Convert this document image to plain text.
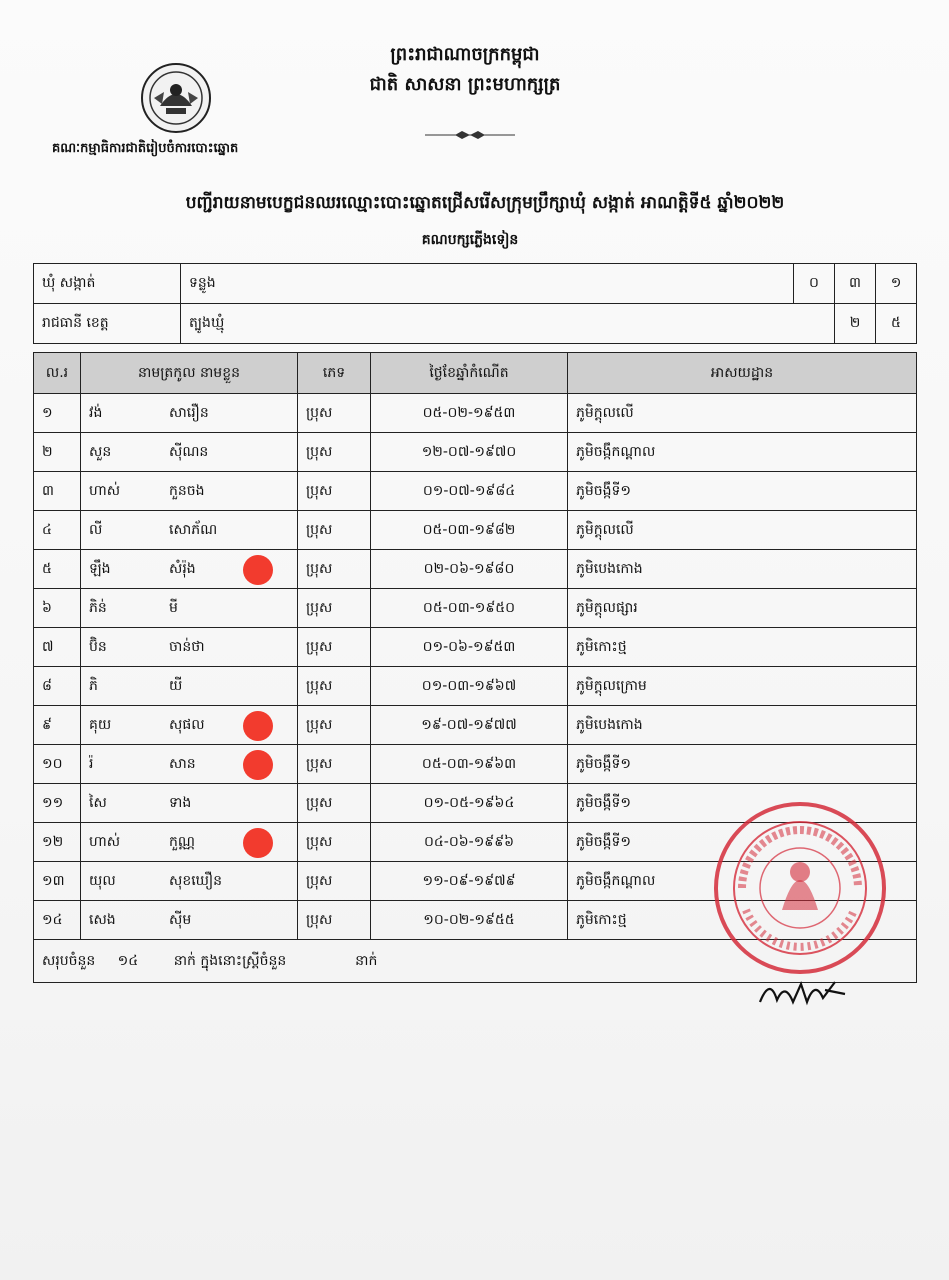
ព្រះរាជាណាចក្រកម្ពុជា
ជាតិ សាសនា ព្រះមហាក្សត្រ
គណៈកម្មាធិការជាតិរៀបចំការបោះឆ្នោត
បញ្ជីរាយនាមបេក្ខជនឈរឈ្មោះបោះឆ្នោតជ្រើសរើសក្រុមប្រឹក្សាឃុំ សង្កាត់ អាណត្តិទី៥ ឆ្នាំ២០២២
គណបក្សភ្លើងទៀន
ឃុំ សង្កាត់	ទន្លូង	០	៣	១
រាជធានី ខេត្ត	ត្បូងឃ្មុំ		២	៥
ល.រ	នាមត្រកូល នាមខ្លួន	ភេទ	ថ្ងៃខែឆ្នាំកំណើត	អាសយដ្ឋាន
១	វង់ សារឿន	ប្រុស	០៥-០២-១៩៥៣	ភូមិក្តុលលើ
២	សួន ស៊ីណន	ប្រុស	១២-០៧-១៩៧០	ភូមិចង្កឹកណ្តាល
៣	ហាស់ កួនចង	ប្រុស	០១-០៧-១៩៨៤	ភូមិចង្កឹទី១
៤	លី សោភ័ណ	ប្រុស	០៥-០៣-១៩៨២	ភូមិក្តុលលើ
៥	ឡឹង សំរ៉ុង	ប្រុស	០២-០៦-១៩៨០	ភូមិបេងកោង
៦	ភិន់ មី	ប្រុស	០៥-០៣-១៩៥០	ភូមិក្តុលផ្សារ
៧	ប៊ិន ចាន់ថា	ប្រុស	០១-០៦-១៩៥៣	ភូមិកោះថ្ម
៨	ភិ យី	ប្រុស	០១-០៣-១៩៦៧	ភូមិក្តុលក្រោម
៩	គុយ សុផល	ប្រុស	១៩-០៧-១៩៧៧	ភូមិបេងកោង
១០	រ៉ សាន	ប្រុស	០៥-០៣-១៩៦៣	ភូមិចង្កឹទី១
១១	សៃ ទាង	ប្រុស	០១-០៥-១៩៦៤	ភូមិចង្កឹទី១
១២	ហាស់ កួណ្ណ	ប្រុស	០៤-០៦-១៩៩៦	ភូមិចង្កឹទី១
១៣	យុល សុខឃឿន	ប្រុស	១១-០៩-១៩៧៩	ភូមិចង្កឹកណ្តាល
១៤	សេង ស៊ីម	ប្រុស	១០-០២-១៩៥៥	ភូមិកោះថ្ម
សរុបចំនួន ១៤ នាក់ ក្នុងនោះស្ត្រីចំនួន នាក់				
